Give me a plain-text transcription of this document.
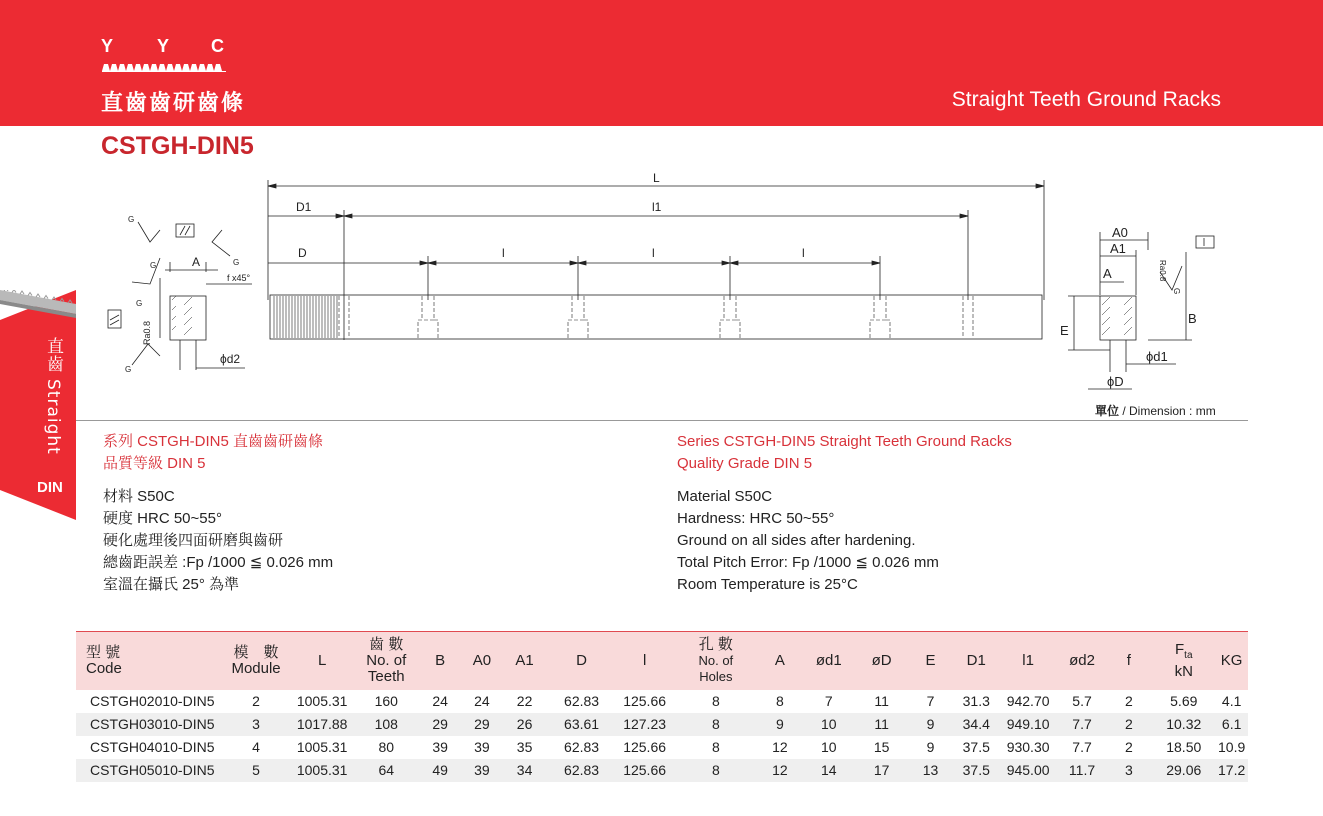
Y Y C
直齒齒研齒條	Straight Teeth Ground Racks
CSTGH-DIN5
直齒Straight
DIN
L
D1	l1
D	l	l	l
A
f x45°
ϕd2
G
G
G
G
G
Ra0.8
A0
A1
A
B
E
ϕd1
ϕD
Ra0.8
G
單位 / Dimension : mm

系列 CSTGH-DIN5 直齒齒研齒條

品質等級 DIN 5

材料 S50C

硬度 HRC 50~55°

硬化處理後四面研磨與齒研

總齒距誤差 :Fp /1000 ≦ 0.026 mm

室溫在攝氏 25° 為準

Series CSTGH-DIN5 Straight Teeth Ground Racks

Quality Grade DIN 5

Material S50C

Hardness: HRC 50~55°

Ground on all sides after hardening.

Total Pitch Error: Fp /1000 ≦ 0.026 mm

Room Temperature is 25°C

型 號
Code	模　數
Module	L	齒 數
No. of
Teeth	B	A0	A1	D	l	孔 數
No. of
Holes	A	ød1	øD	E	D1	l1	ød2	f	$F_{ta}$
kN	KG
CSTGH02010-DIN5	2	1005.31	160	24	24	22	62.83	125.66	8	8	7	11	7	31.3	942.70	5.7	2	5.69	4.1
CSTGH03010-DIN5	3	1017.88	108	29	29	26	63.61	127.23	8	9	10	11	9	34.4	949.10	7.7	2	10.32	6.1
CSTGH04010-DIN5	4	1005.31	80	39	39	35	62.83	125.66	8	12	10	15	9	37.5	930.30	7.7	2	18.50	10.9
CSTGH05010-DIN5	5	1005.31	64	49	39	34	62.83	125.66	8	12	14	17	13	37.5	945.00	11.7	3	29.06	17.2
